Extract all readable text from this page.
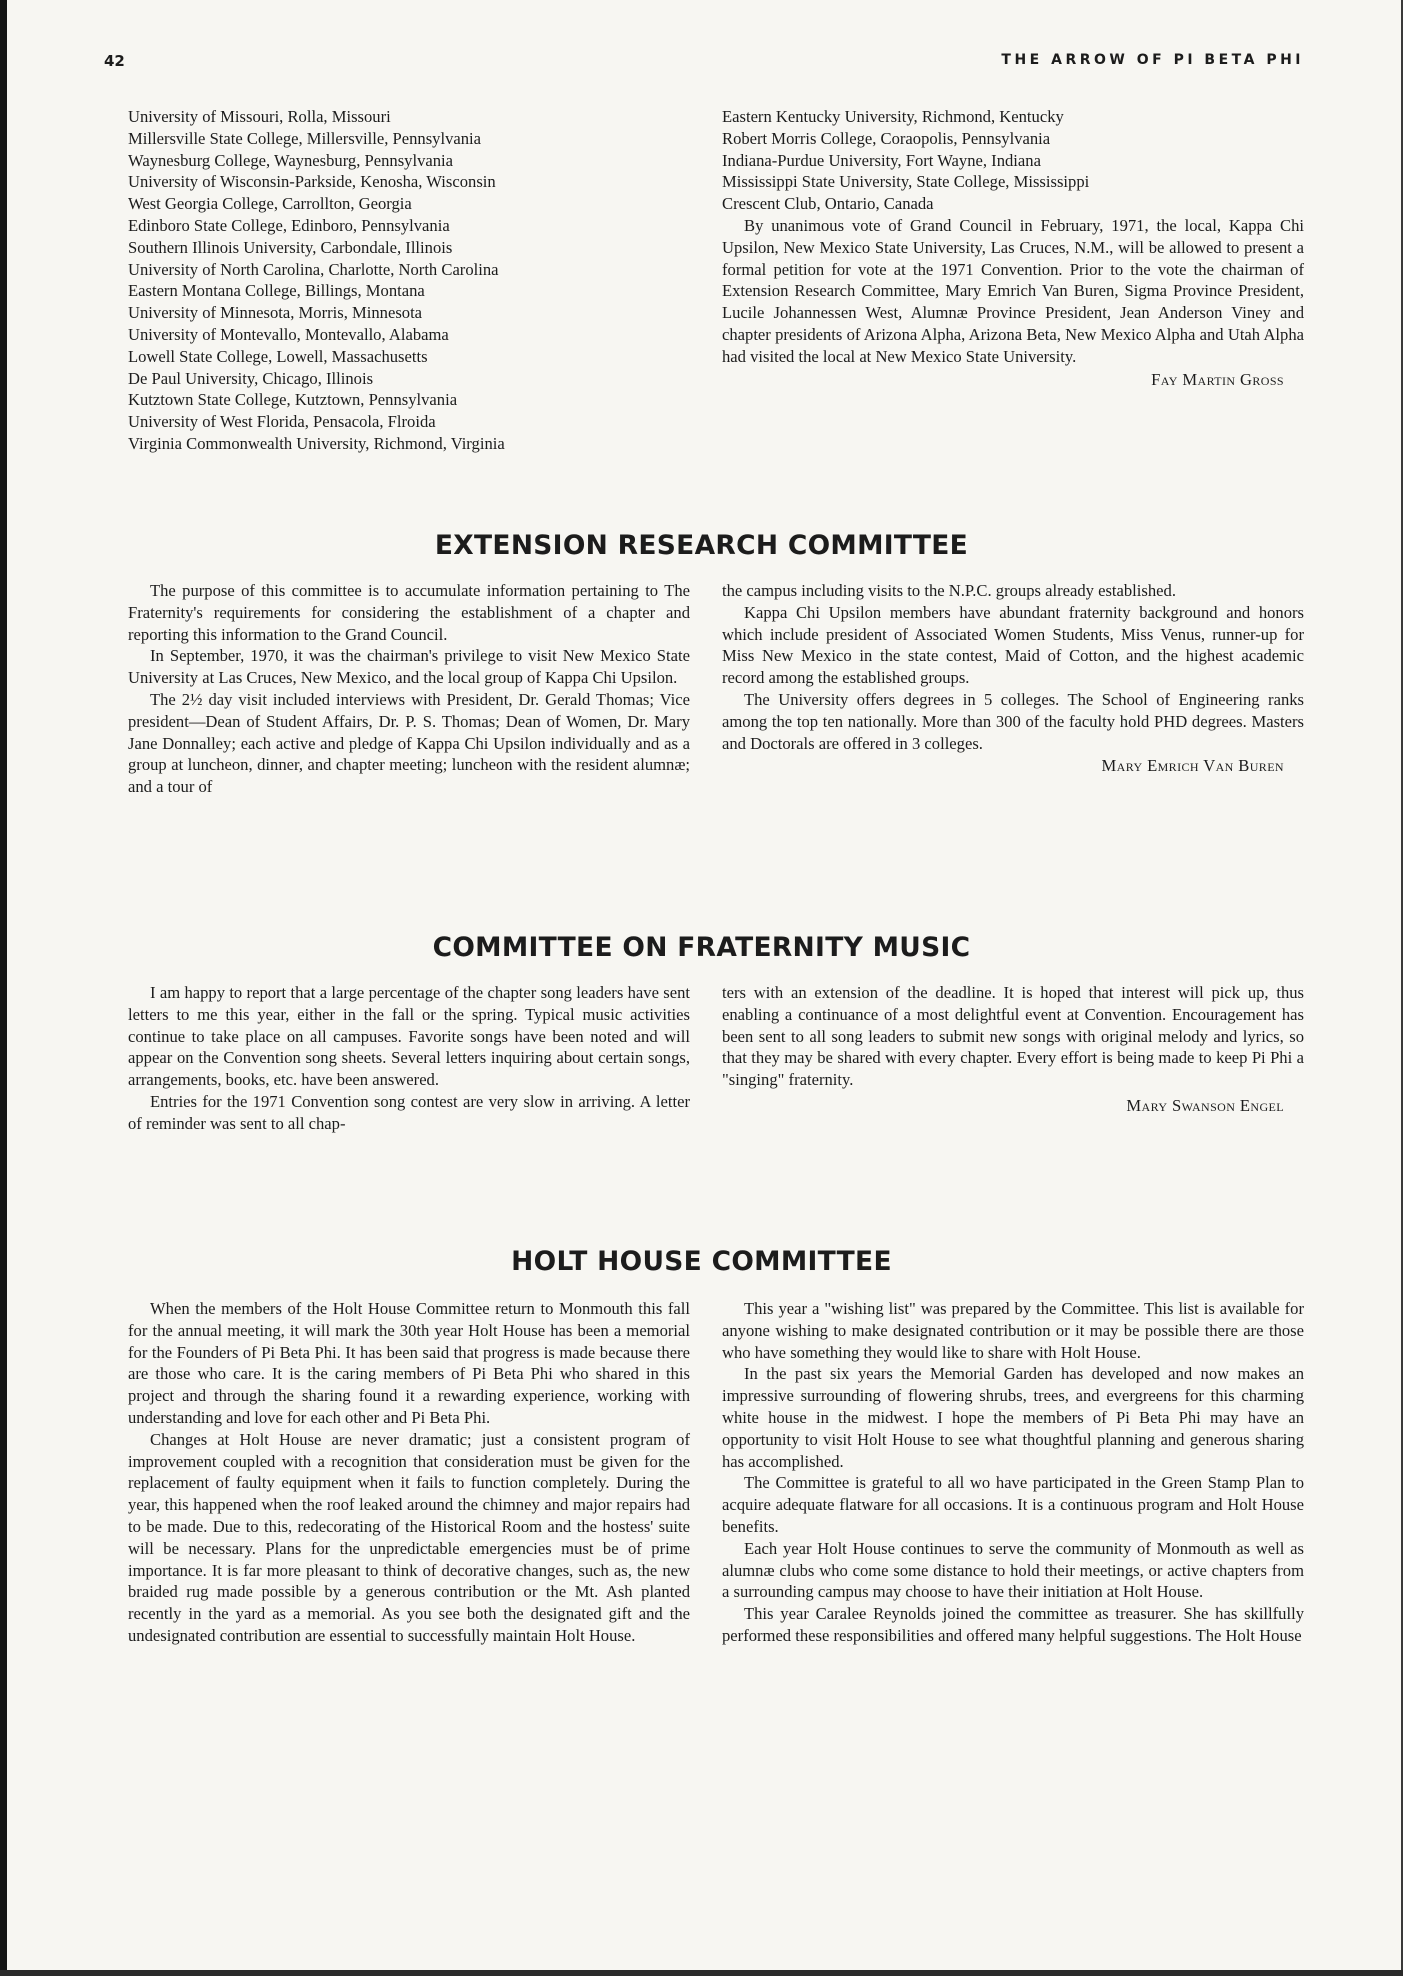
42	THE ARROW OF PI BETA PHI
University of Missouri, Rolla, Missouri
Millersville State College, Millersville, Pennsylvania
Waynesburg College, Waynesburg, Pennsylvania
University of Wisconsin-Parkside, Kenosha, Wisconsin
West Georgia College, Carrollton, Georgia
Edinboro State College, Edinboro, Pennsylvania
Southern Illinois University, Carbondale, Illinois
University of North Carolina, Charlotte, North Carolina
Eastern Montana College, Billings, Montana
University of Minnesota, Morris, Minnesota
University of Montevallo, Montevallo, Alabama
Lowell State College, Lowell, Massachusetts
De Paul University, Chicago, Illinois
Kutztown State College, Kutztown, Pennsylvania
University of West Florida, Pensacola, Flroida
Virginia Commonwealth University, Richmond, Virginia
Eastern Kentucky University, Richmond, Kentucky
Robert Morris College, Coraopolis, Pennsylvania
Indiana-Purdue University, Fort Wayne, Indiana
Mississippi State University, State College, Mississippi
Crescent Club, Ontario, Canada

By unanimous vote of Grand Council in February, 1971, the local, Kappa Chi Upsilon, New Mexico State University, Las Cruces, N.M., will be allowed to present a formal petition for vote at the 1971 Convention. Prior to the vote the chairman of Extension Research Committee, Mary Emrich Van Buren, Sigma Province President, Lucile Johannessen West, Alumnæ Province President, Jean Anderson Viney and chapter presidents of Arizona Alpha, Arizona Beta, New Mexico Alpha and Utah Alpha had visited the local at New Mexico State University.

Fay Martin Gross
EXTENSION RESEARCH COMMITTEE

The purpose of this committee is to accumulate information pertaining to The Fraternity's requirements for considering the establishment of a chapter and reporting this information to the Grand Council.

In September, 1970, it was the chairman's privilege to visit New Mexico State University at Las Cruces, New Mexico, and the local group of Kappa Chi Upsilon.

The 2½ day visit included interviews with President, Dr. Gerald Thomas; Vice president—Dean of Student Affairs, Dr. P. S. Thomas; Dean of Women, Dr. Mary Jane Donnalley; each active and pledge of Kappa Chi Upsilon individually and as a group at luncheon, dinner, and chapter meeting; luncheon with the resident alumnæ; and a tour of

the campus including visits to the N.P.C. groups already established.

Kappa Chi Upsilon members have abundant fraternity background and honors which include president of Associated Women Students, Miss Venus, runner-up for Miss New Mexico in the state contest, Maid of Cotton, and the highest academic record among the established groups.

The University offers degrees in 5 colleges. The School of Engineering ranks among the top ten nationally. More than 300 of the faculty hold PHD degrees. Masters and Doctorals are offered in 3 colleges.

Mary Emrich Van Buren
COMMITTEE ON FRATERNITY MUSIC

I am happy to report that a large percentage of the chapter song leaders have sent letters to me this year, either in the fall or the spring. Typical music activities continue to take place on all campuses. Favorite songs have been noted and will appear on the Convention song sheets. Several letters inquiring about certain songs, arrangements, books, etc. have been answered.

Entries for the 1971 Convention song contest are very slow in arriving. A letter of reminder was sent to all chap-

ters with an extension of the deadline. It is hoped that interest will pick up, thus enabling a continuance of a most delightful event at Convention. Encouragement has been sent to all song leaders to submit new songs with original melody and lyrics, so that they may be shared with every chapter. Every effort is being made to keep Pi Phi a "singing" fraternity.

Mary Swanson Engel
HOLT HOUSE COMMITTEE

When the members of the Holt House Committee return to Monmouth this fall for the annual meeting, it will mark the 30th year Holt House has been a memorial for the Founders of Pi Beta Phi. It has been said that progress is made because there are those who care. It is the caring members of Pi Beta Phi who shared in this project and through the sharing found it a rewarding experience, working with understanding and love for each other and Pi Beta Phi.

Changes at Holt House are never dramatic; just a consistent program of improvement coupled with a recognition that consideration must be given for the replacement of faulty equipment when it fails to function completely. During the year, this happened when the roof leaked around the chimney and major repairs had to be made. Due to this, redecorating of the Historical Room and the hostess' suite will be necessary. Plans for the unpredictable emergencies must be of prime importance. It is far more pleasant to think of decorative changes, such as, the new braided rug made possible by a generous contribution or the Mt. Ash planted recently in the yard as a memorial. As you see both the designated gift and the undesignated contribution are essential to successfully maintain Holt House.

This year a "wishing list" was prepared by the Committee. This list is available for anyone wishing to make designated contribution or it may be possible there are those who have something they would like to share with Holt House.

In the past six years the Memorial Garden has developed and now makes an impressive surrounding of flowering shrubs, trees, and evergreens for this charming white house in the midwest. I hope the members of Pi Beta Phi may have an opportunity to visit Holt House to see what thoughtful planning and generous sharing has accomplished.

The Committee is grateful to all wo have participated in the Green Stamp Plan to acquire adequate flatware for all occasions. It is a continuous program and Holt House benefits.

Each year Holt House continues to serve the community of Monmouth as well as alumnæ clubs who come some distance to hold their meetings, or active chapters from a surrounding campus may choose to have their initiation at Holt House.

This year Caralee Reynolds joined the committee as treasurer. She has skillfully performed these responsibilities and offered many helpful suggestions. The Holt House
